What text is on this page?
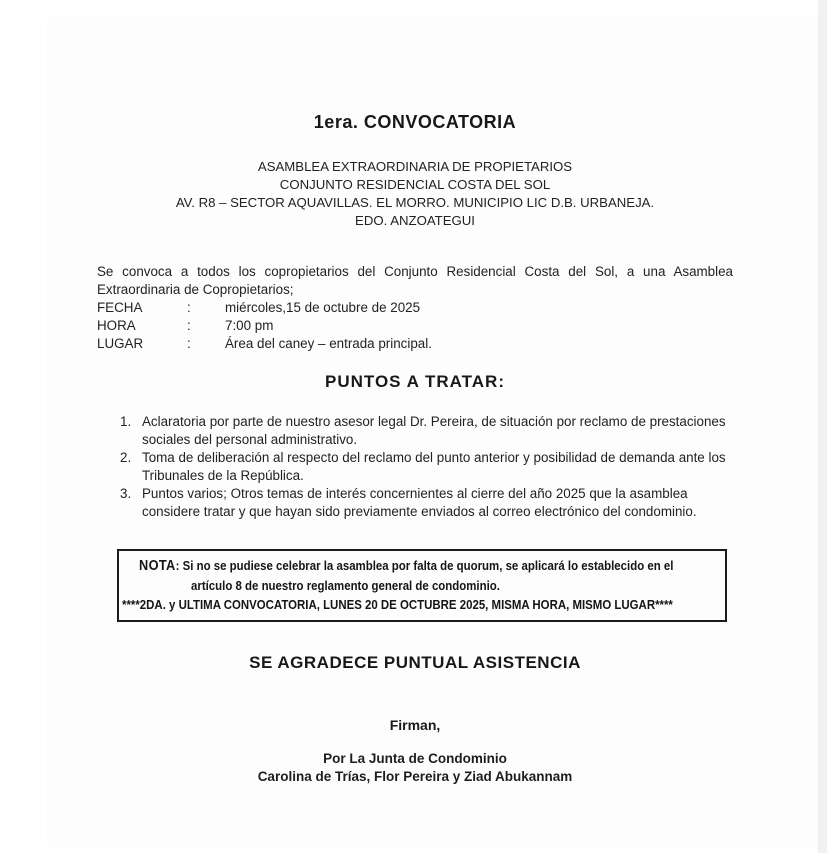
1era. CONVOCATORIA
ASAMBLEA EXTRAORDINARIA DE PROPIETARIOS
CONJUNTO RESIDENCIAL COSTA DEL SOL
AV. R8 – SECTOR AQUAVILLAS. EL MORRO. MUNICIPIO LIC D.B. URBANEJA.
EDO. ANZOATEGUI

Se convoca a todos los copropietarios del Conjunto Residencial Costa del Sol, a una Asamblea Extraordinaria de Copropietarios;

FECHA	:	miércoles,15 de octubre de 2025
HORA	:	7:00 pm
LUGAR	:	Área del caney – entrada principal.
PUNTOS A TRATAR:
1. Aclaratoria por parte de nuestro asesor legal Dr. Pereira, de situación por reclamo de prestaciones sociales del personal administrativo.
2. Toma de deliberación al respecto del reclamo del punto anterior y posibilidad de demanda ante los Tribunales de la República.
3. Puntos varios; Otros temas de interés concernientes al cierre del año 2025 que la asamblea considere tratar y que hayan sido previamente enviados al correo electrónico del condominio.
NOTA: Si no se pudiese celebrar la asamblea por falta de quorum, se aplicará lo establecido en el
artículo 8 de nuestro reglamento general de condominio.
****2DA. y ULTIMA CONVOCATORIA, LUNES 20 DE OCTUBRE 2025, MISMA HORA, MISMO LUGAR****
SE AGRADECE PUNTUAL ASISTENCIA
Firman,
Por La Junta de Condominio
Carolina de Trías, Flor Pereira y Ziad Abukannam
